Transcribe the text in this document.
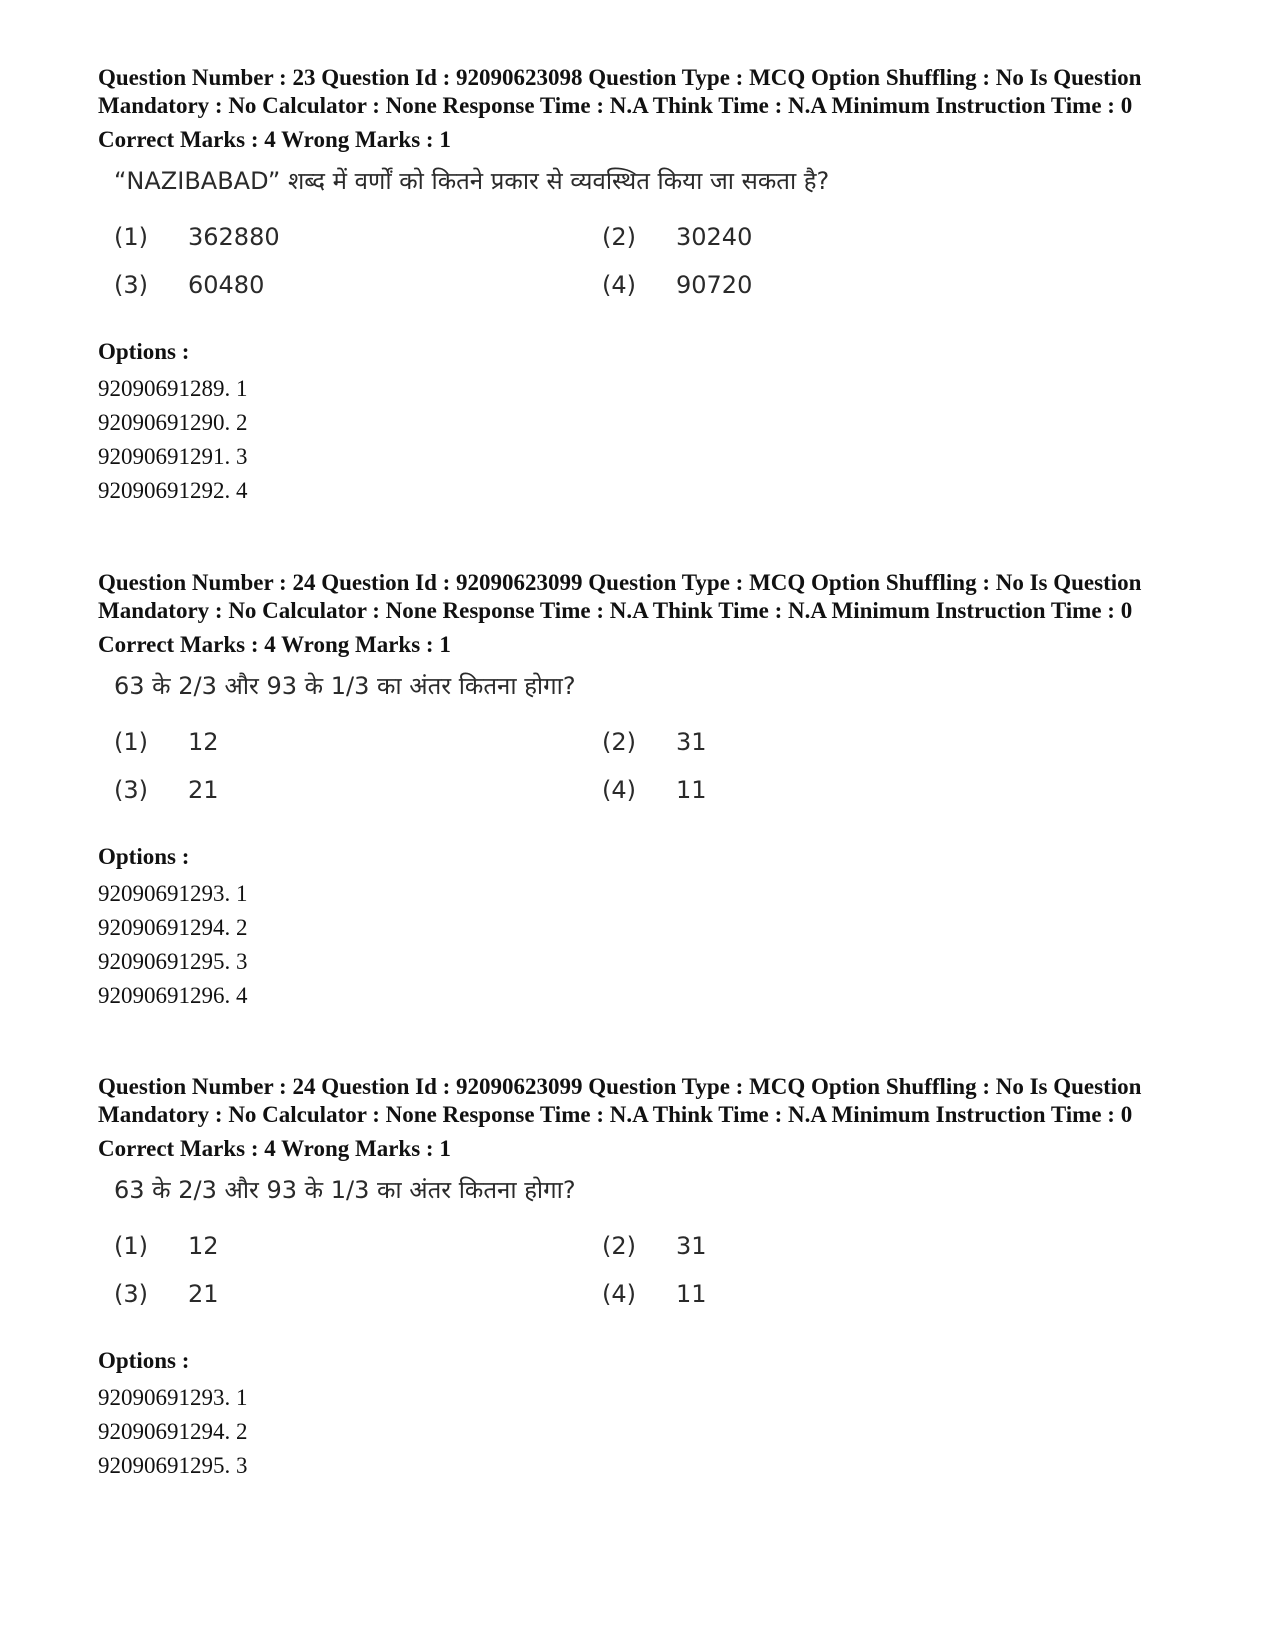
Question Number : 23 Question Id : 92090623098 Question Type : MCQ Option Shuffling : No Is Question Mandatory : No Calculator : None Response Time : N.A Think Time : N.A Minimum Instruction Time : 0

Correct Marks : 4 Wrong Marks : 1
“NAZIBABAD” शब्द में वर्णों को कितने प्रकार से व्यवस्थित किया जा सकता है?
(1) 362880	(2) 30240
(3) 60480	(4) 90720
Options :
92090691289. 1
92090691290. 2
92090691291. 3
92090691292. 4

Question Number : 24 Question Id : 92090623099 Question Type : MCQ Option Shuffling : No Is Question Mandatory : No Calculator : None Response Time : N.A Think Time : N.A Minimum Instruction Time : 0

Correct Marks : 4 Wrong Marks : 1
63 के 2/3 और 93 के 1/3 का अंतर कितना होगा?
(1) 12	(2) 31
(3) 21	(4) 11
Options :
92090691293. 1
92090691294. 2
92090691295. 3
92090691296. 4

Question Number : 24 Question Id : 92090623099 Question Type : MCQ Option Shuffling : No Is Question Mandatory : No Calculator : None Response Time : N.A Think Time : N.A Minimum Instruction Time : 0

Correct Marks : 4 Wrong Marks : 1
63 के 2/3 और 93 के 1/3 का अंतर कितना होगा?
(1) 12	(2) 31
(3) 21	(4) 11
Options :
92090691293. 1
92090691294. 2
92090691295. 3
